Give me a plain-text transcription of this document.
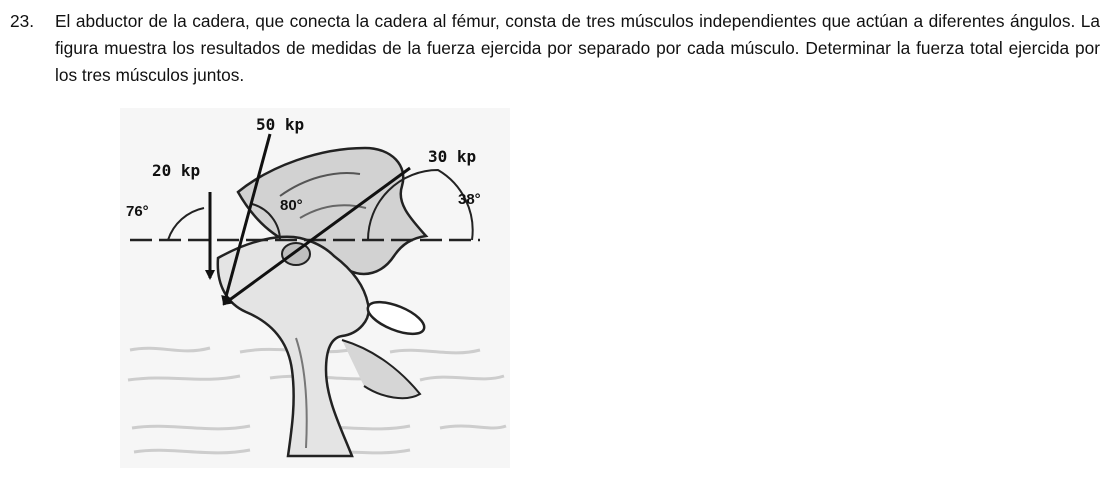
23.	El abductor de la cadera, que conecta la cadera al fémur, consta de tres músculos independientes que actúan a diferentes ángulos. La figura muestra los resultados de medidas de la fuerza ejercida por separado por cada músculo. Determinar la fuerza total ejercida por los tres músculos juntos.
50 kp
20 kp
30 kp
76°	80°	38°
